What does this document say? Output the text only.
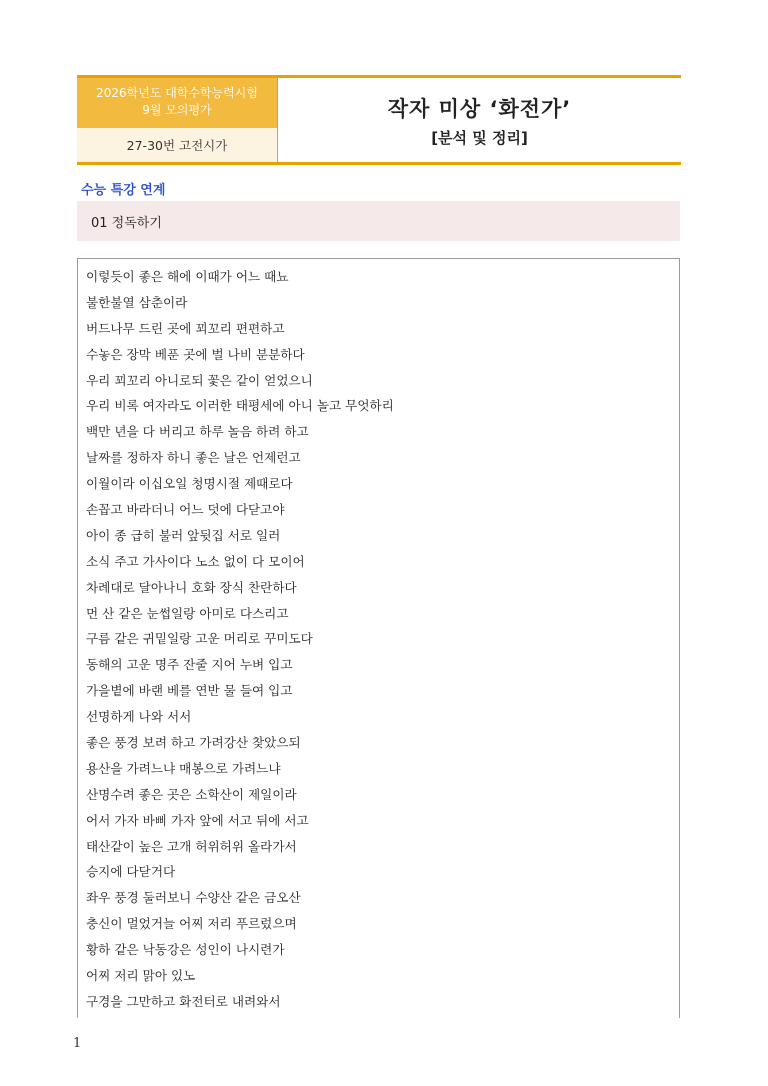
2026학년도 대학수학능력시험
9월 모의평가
27-30번 고전시가
작자 미상 ‘화전가’
[분석 및 정리]
수능 특강 연계
01 정독하기
이렇듯이 좋은 해에 이때가 어느 때뇨
불한불열 삼춘이라
버드나무 드린 곳에 꾀꼬리 편편하고
수놓은 장막 베푼 곳에 벌 나비 분분하다
우리 꾀꼬리 아니로되 꽃은 같이 얻었으니
우리 비록 여자라도 이러한 태평세에 아니 놀고 무엇하리
백만 년을 다 버리고 하루 놀음 하려 하고
날짜를 정하자 하니 좋은 날은 언제런고
이월이라 이십오일 청명시절 제때로다
손꼽고 바라더니 어느 덧에 다닫고야
아이 종 급히 불러 앞뒷집 서로 일러
소식 주고 가사이다 노소 없이 다 모이어
차례대로 달아나니 호화 장식 찬란하다
먼 산 같은 눈썹일랑 아미로 다스리고
구름 같은 귀밑일랑 고운 머리로 꾸미도다
동해의 고운 명주 잔줄 지어 누벼 입고
가을볕에 바랜 베를 연반 물 들여 입고
선명하게 나와 서서
좋은 풍경 보려 하고 가려강산 찾았으되
용산을 가려느냐 매봉으로 가려느냐
산명수려 좋은 곳은 소학산이 제일이라
어서 가자 바삐 가자 앞에 서고 뒤에 서고
태산같이 높은 고개 허위허위 올라가서
승지에 다닫거다
좌우 풍경 둘러보니 수양산 같은 금오산
충신이 멀었거늘 어찌 저리 푸르렀으며
황하 같은 낙동강은 성인이 나시련가
어찌 저리 맑아 있노
구경을 그만하고 화전터로 내려와서
1
